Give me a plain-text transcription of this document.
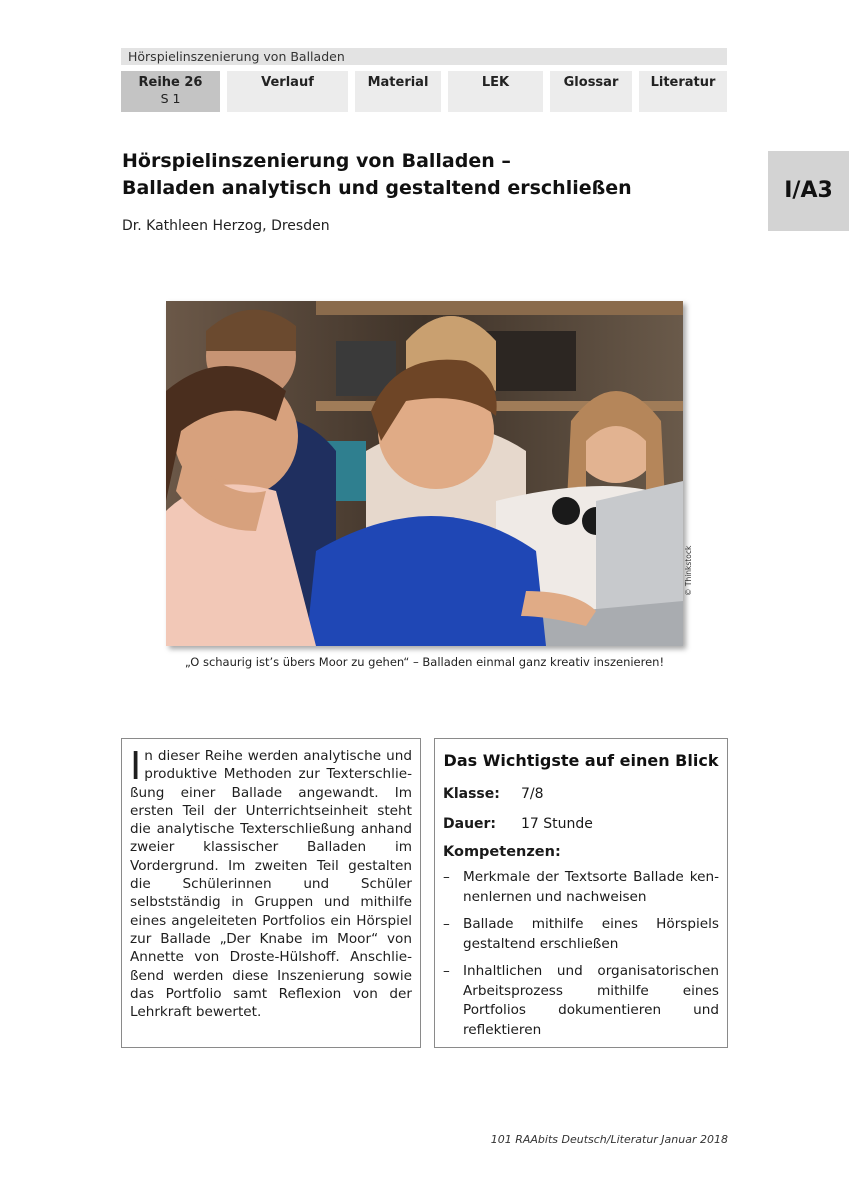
Hörspielinszenierung von Balladen
Reihe 26
S 1
Verlauf	Material	LEK	Glossar	Literatur
I/A3
Hörspielinszenierung von Balladen –
Balladen analytisch und gestaltend erschließen
Dr. Kathleen Herzog, Dresden
© Thinkstock
„O schaurig ist’s übers Moor zu gehen“ – Balladen einmal ganz kreativ inszenieren!

In dieser Reihe werden analytische und produktive Methoden zur Texterschließung einer Ballade angewandt. Im ersten Teil der Unterrichtseinheit steht die analytische Texterschließung anhand zweier klassischer Balladen im Vordergrund. Im zweiten Teil gestalten die Schülerinnen und Schüler selbstständig in Gruppen und mithilfe eines angeleiteten Portfolios ein Hörspiel zur Ballade „Der Knabe im Moor“ von Annette von Droste-Hülshoff. Anschließend werden diese Inszenierung sowie das Portfolio samt Reflexion von der Lehrkraft bewertet.

Das Wichtigste auf einen Blick
Klasse:	7/8
Dauer:	17 Stunde
Kompetenzen:
– Merkmale der Textsorte Ballade kennenlernen und nachweisen
– Ballade mithilfe eines Hörspiels gestaltend erschließen
– Inhaltlichen und organisatorischen Arbeitsprozess mithilfe eines Portfolios dokumentieren und reflektieren
101 RAAbits Deutsch/Literatur Januar 2018
